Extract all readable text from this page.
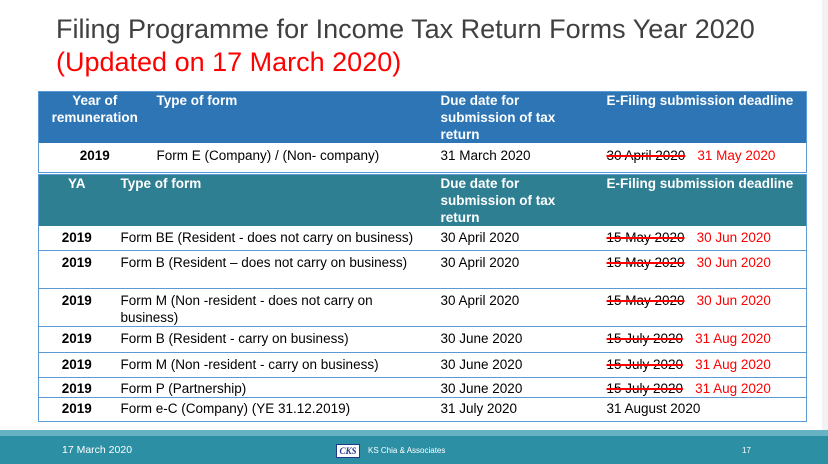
Filing Programme for Income Tax Return Forms Year 2020
(Updated on 17 March 2020)
Year of remuneration	Type of form	Due date for submission of tax return	E-Filing submission deadline
2019	Form E (Company) / (Non- company)	31 March 2020	30 April 2020 31 May 2020
YA	Type of form	Due date for submission of tax return	E-Filing submission deadline
2019	Form BE (Resident - does not carry on business)	30 April 2020	15 May 2020 30 Jun 2020
2019	Form B (Resident – does not carry on business)	30 April 2020	15 May 2020 30 Jun 2020
2019	Form M (Non -resident - does not carry on business)	30 April 2020	15 May 2020 30 Jun 2020
2019	Form B (Resident - carry on business)	30 June 2020	15 July 2020 31 Aug 2020
2019	Form M (Non -resident - carry on business)	30 June 2020	15 July 2020 31 Aug 2020
2019	Form P (Partnership)	30 June 2020	15 July 2020 31 Aug 2020
2019	Form e-C (Company) (YE 31.12.2019)	31 July 2020	31 August 2020
17 March 2020	CKS	KS Chia & Associates	17
